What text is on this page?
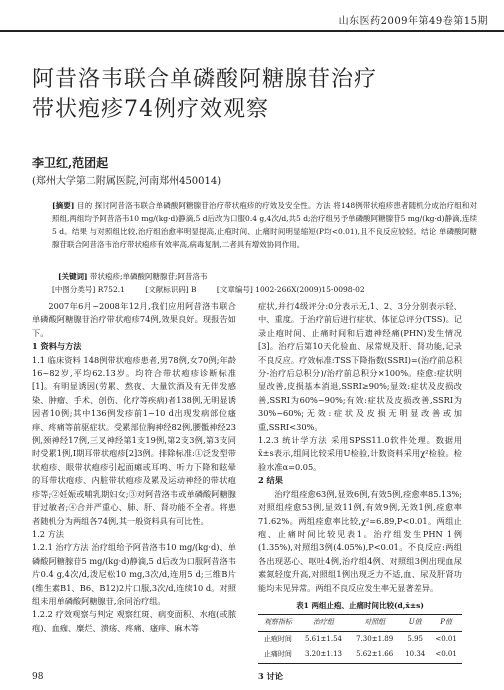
山东医药2009年第49卷第15期
阿昔洛韦联合单磷酸阿糖腺苷治疗
带状疱疹74例疗效观察
李卫红,范团起
(郑州大学第二附属医院,河南郑州450014)
[摘要] 目的 探讨阿昔洛韦联合单磷酸阿糖腺苷治疗带状疱疹的疗效及安全性。方法 将148例带状疱疹患者随机分成治疗组和对照组,两组均予阿昔洛韦10 mg/(kg·d)静滴,5 d后改为口服0.4 g,4次/d,共5 d;治疗组另予单磷酸阿糖腺苷5 mg/(kg·d)静滴,连续5 d。结果 与对照组比较,治疗组治愈率明显提高,止疱时间、止痛时间明显缩短(P均<0.01),且不良反应较轻。结论 单磷酸阿糖腺苷联合阿昔洛韦治疗带状疱疹有效率高,病毒复制,二者具有增效协同作用。
[关键词] 带状疱疹;单磷酸阿糖腺苷;阿昔洛韦
[中图分类号] R752.1	[文献标识码] B	[文章编号] 1002-266X(2009)15-0098-02

2007年6月~2008年12月,我们应用阿昔洛韦联合单磷酸阿糖腺苷治疗带状疱疹74例,效果良好。现报告如下。

1 资料与方法

1.1 临床资料 148例带状疱疹患者,男78例,女70例;年龄16~82岁,平均62.13岁。均符合带状疱疹诊断标准[1]。有明显诱因(劳累、熬夜、大量饮酒及有无伴发感染、肿瘤、手术、创伤、化疗等疾病)者138例,无明显诱因者10例;其中136例发疹前1~10 d出现发病部位瘙痒、疼痛等前驱症状。受累部位胸神经82例,腰骶神经23例,颈神经17例,三叉神经第1支19例,第2支3例,第3支同时受累1例,I期耳带状疱疹[2]3例。排除标准:①泛发型带状疱疹、眼带状疱疹引起面瘫或耳鸣、听力下降和眩晕的耳带状疱疹、内脏带状疱疹及累及运动神经的带状疱疹等;②妊娠或哺乳期妇女;③对阿昔洛韦或单磷酸阿糖腺苷过敏者;④合并严重心、肺、肝、肾功能不全者。将患者随机分为两组各74例,其一般资料具有可比性。

1.2 方法

1.2.1 治疗方法 治疗组给予阿昔洛韦10 mg/(kg·d)、单磷酸阿糖腺苷5 mg/(kg·d)静滴,5 d后改为口服阿昔洛韦片0.4 g,4次/d,泼尼松10 mg,3次/d,连用5 d;三维B片(维生素B1、B6、B12)2片口服,3次/d,连续10 d。对照组未用单磷酸阿糖腺苷,余同治疗组。

1.2.2 疗效观察与判定 观察红斑、病变面积、水疱(或脓疱)、血痂、糜烂、溃疡、疼痛、瘙痒、麻木等

98

症状,并行4级评分:0分表示无,1、2、3分分别表示轻、中、重度。于治疗前后进行症状、体征总评分(TSS)。记录止疱时间、止痛时间和后遗神经痛(PHN)发生情况[3]。治疗后第10天化验血、尿常规及肝、肾功能,记录不良反应。疗效标准:TSS下降指数(SSRI)=(治疗前总积分-治疗后总积分)/治疗前总积分×100%。痊愈:症状明显改善,皮损基本消退,SSRI≥90%;显效:症状及皮损改善,SSRI为60%~90%;有效:症状及皮损改善,SSRI为30%~60%;无效:症状及皮损无明显改善或加重,SSRI<30%。

1.2.3 统计学方法 采用SPSS11.0软件处理。数据用x̄±s表示,组间比较采用U检验,计数资料采用χ²检验。检验水准α=0.05。

2 结果

治疗组痊愈63例,显效6例,有效5例,痊愈率85.13%;对照组痊愈53例,显效11例,有效9例,无效1例,痊愈率71.62%。两组痊愈率比较,χ²=6.89,P<0.01。两组止疱、止痛时间比较见表1。治疗组发生PHN 1例(1.35%),对照组3例(4.05%),P<0.01。不良反应:两组各出现恶心、呕吐4例,治疗组4例、对照组3例出现血尿素氮轻度升高,对照组1例出现乏力不适,血、尿及肝肾功能均未见异常。两组不良反应发生率无显著差异。

表1 两组止疱、止痛时间比较(d,x̄±s)
观察指标	治疗组	对照组	U值	P值
止疱时间	5.61±1.54	7.30±1.89	5.95	<0.01
止痛时间	3.20±1.13	5.62±1.66	10.34	<0.01

3 讨论
